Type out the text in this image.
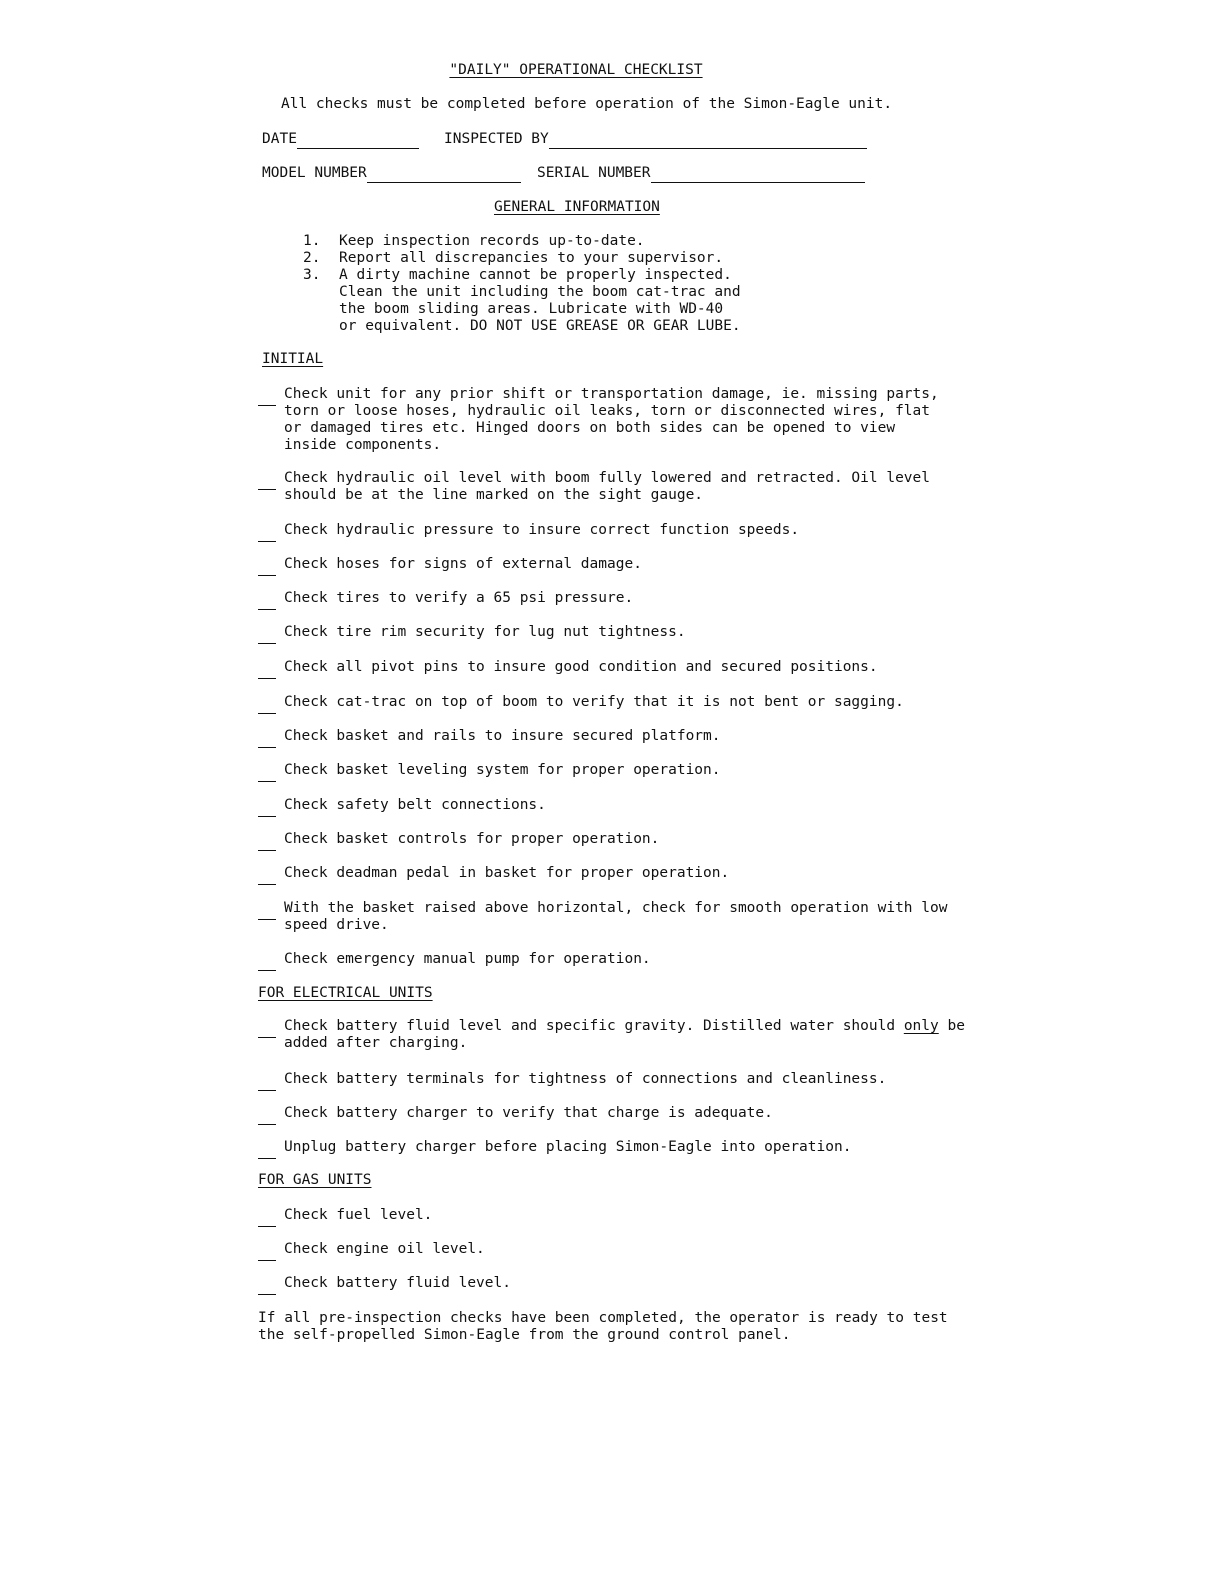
"DAILY" OPERATIONAL CHECKLIST
All checks must be completed before operation of the Simon-Eagle unit.
DATE	INSPECTED BY
MODEL NUMBER	SERIAL NUMBER
GENERAL INFORMATION
1.	Keep inspection records up-to-date.
2.	Report all discrepancies to your supervisor.
3.	A dirty machine cannot be properly inspected.
Clean the unit including the boom cat-trac and
the boom sliding areas. Lubricate with WD-40
or equivalent. DO NOT USE GREASE OR GEAR LUBE.
INITIAL
Check unit for any prior shift or transportation damage, ie. missing parts,
torn or loose hoses, hydraulic oil leaks, torn or disconnected wires, flat
or damaged tires etc. Hinged doors on both sides can be opened to view
inside components.
Check hydraulic oil level with boom fully lowered and retracted. Oil level
should be at the line marked on the sight gauge.
Check hydraulic pressure to insure correct function speeds.
Check hoses for signs of external damage.
Check tires to verify a 65 psi pressure.
Check tire rim security for lug nut tightness.
Check all pivot pins to insure good condition and secured positions.
Check cat-trac on top of boom to verify that it is not bent or sagging.
Check basket and rails to insure secured platform.
Check basket leveling system for proper operation.
Check safety belt connections.
Check basket controls for proper operation.
Check deadman pedal in basket for proper operation.
With the basket raised above horizontal, check for smooth operation with low
speed drive.
Check emergency manual pump for operation.
FOR ELECTRICAL UNITS
Check battery fluid level and specific gravity. Distilled water should only be
added after charging.
Check battery terminals for tightness of connections and cleanliness.
Check battery charger to verify that charge is adequate.
Unplug battery charger before placing Simon-Eagle into operation.
FOR GAS UNITS
Check fuel level.
Check engine oil level.
Check battery fluid level.
If all pre-inspection checks have been completed, the operator is ready to test
the self-propelled Simon-Eagle from the ground control panel.
